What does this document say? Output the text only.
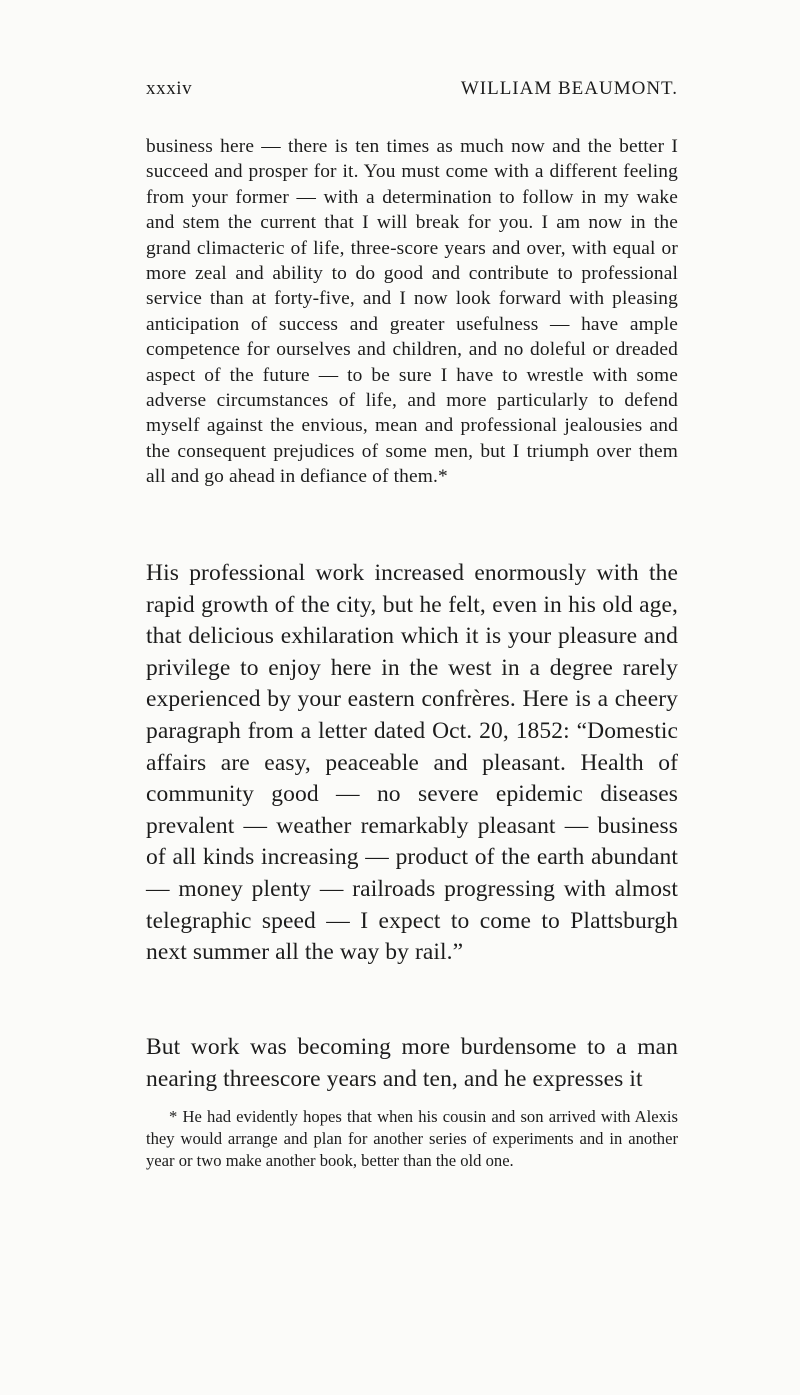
xxxiv	WILLIAM BEAUMONT.

business here — there is ten times as much now and the better I succeed and prosper for it. You must come with a different feeling from your former — with a determination to follow in my wake and stem the current that I will break for you. I am now in the grand climacteric of life, three-score years and over, with equal or more zeal and ability to do good and contribute to professional service than at forty-five, and I now look forward with pleasing anticipation of success and greater usefulness — have ample competence for ourselves and children, and no doleful or dreaded aspect of the future — to be sure I have to wrestle with some adverse circumstances of life, and more particularly to defend myself against the envious, mean and professional jealousies and the consequent prejudices of some men, but I triumph over them all and go ahead in defiance of them.*

His professional work increased enormously with the rapid growth of the city, but he felt, even in his old age, that delicious exhilaration which it is your pleasure and privilege to enjoy here in the west in a degree rarely experienced by your eastern confrères. Here is a cheery paragraph from a letter dated Oct. 20, 1852: “Domestic affairs are easy, peaceable and pleasant. Health of community good — no severe epidemic diseases prevalent — weather remarkably pleasant — business of all kinds increasing — product of the earth abundant — money plenty — railroads progressing with almost telegraphic speed — I expect to come to Plattsburgh next summer all the way by rail.”

But work was becoming more burdensome to a man nearing threescore years and ten, and he expresses it

* He had evidently hopes that when his cousin and son arrived with Alexis they would arrange and plan for another series of experiments and in another year or two make another book, better than the old one.
